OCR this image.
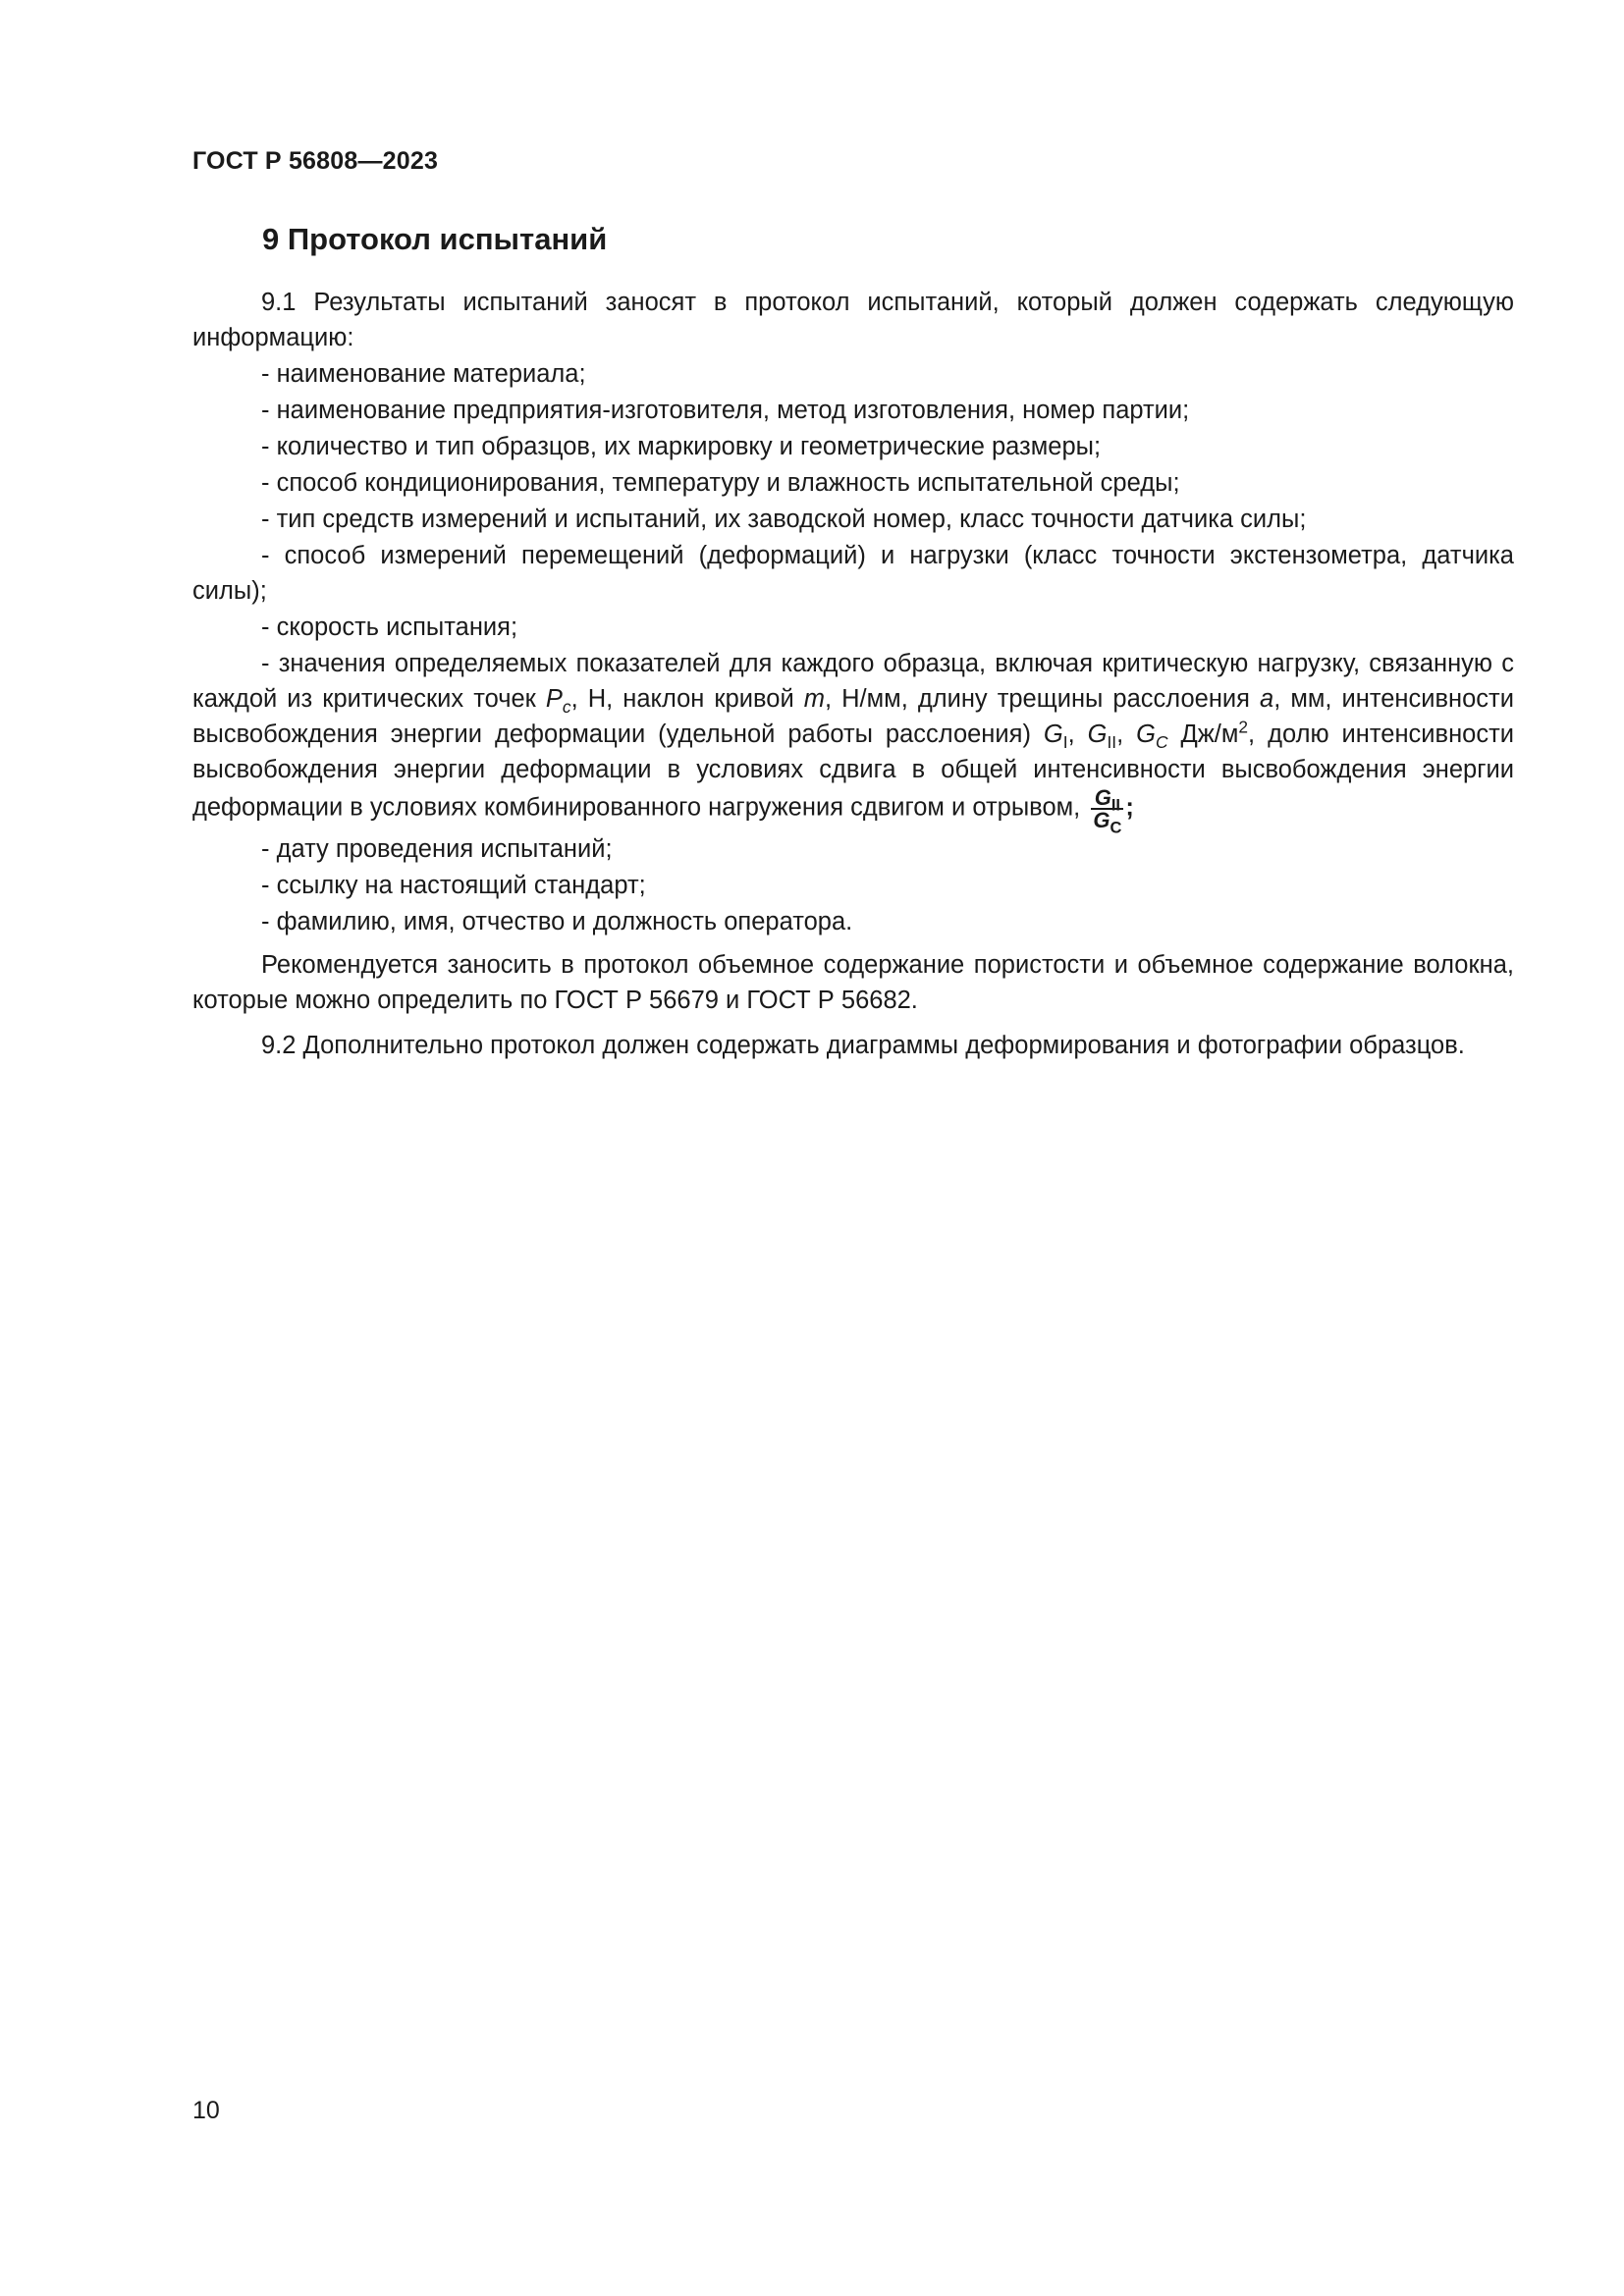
ГОСТ Р 56808—2023
9 Протокол испытаний

9.1 Результаты испытаний заносят в протокол испытаний, который должен содержать следующую информацию:

- наименование материала;

- наименование предприятия-изготовителя, метод изготовления, номер партии;

- количество и тип образцов, их маркировку и геометрические размеры;

- способ кондиционирования, температуру и влажность испытательной среды;

- тип средств измерений и испытаний, их заводской номер, класс точности датчика силы;

- способ измерений перемещений (деформаций) и нагрузки (класс точности экстензометра, датчика силы);

- скорость испытания;

- значения определяемых показателей для каждого образца, включая критическую нагрузку, связанную с каждой из критических точек $P_c$, Н, наклон кривой m, Н/мм, длину трещины расслоения a, мм, интенсивности высвобождения энергии деформации (удельной работы расслоения) $G_I$, $G_{II}$, $G_C$ $Дж/м^2$, долю интенсивности высвобождения энергии деформации в условиях сдвига в общей интенсивности высвобождения энергии деформации в условиях комбинированного нагружения сдвигом и отрывом, $\frac{G_{II}}{G_C}$ ;

- дату проведения испытаний;

- ссылку на настоящий стандарт;

- фамилию, имя, отчество и должность оператора.

Рекомендуется заносить в протокол объемное содержание пористости и объемное содержание волокна, которые можно определить по ГОСТ Р 56679 и ГОСТ Р 56682.

9.2 Дополнительно протокол должен содержать диаграммы деформирования и фотографии образцов.

10
